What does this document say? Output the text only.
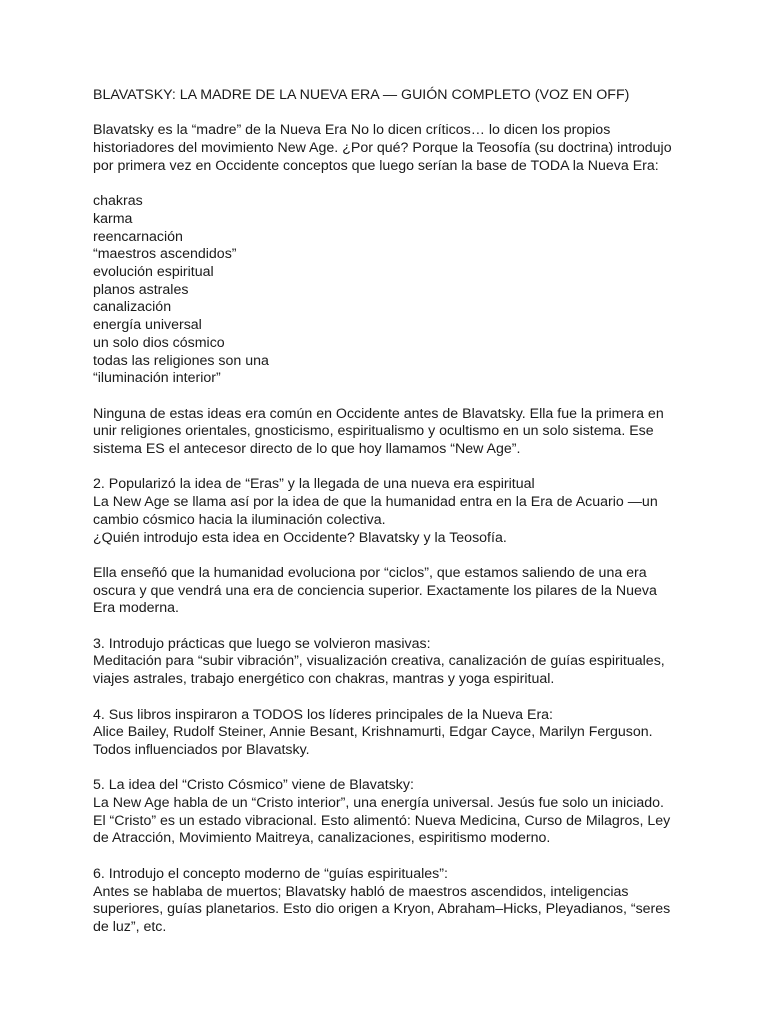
BLAVATSKY: LA MADRE DE LA NUEVA ERA — GUIÓN COMPLETO (VOZ EN OFF)

Blavatsky es la “madre” de la Nueva Era No lo dicen críticos… lo dicen los propios
historiadores del movimiento New Age. ¿Por qué? Porque la Teosofía (su doctrina) introdujo
por primera vez en Occidente conceptos que luego serían la base de TODA la Nueva Era:

chakras
karma
reencarnación
“maestros ascendidos”
evolución espiritual
planos astrales
canalización
energía universal
un solo dios cósmico
todas las religiones son una
“iluminación interior”

Ninguna de estas ideas era común en Occidente antes de Blavatsky. Ella fue la primera en
unir religiones orientales, gnosticismo, espiritualismo y ocultismo en un solo sistema. Ese
sistema ES el antecesor directo de lo que hoy llamamos “New Age”.

2. Popularizó la idea de “Eras” y la llegada de una nueva era espiritual
La New Age se llama así por la idea de que la humanidad entra en la Era de Acuario —un
cambio cósmico hacia la iluminación colectiva.
¿Quién introdujo esta idea en Occidente? Blavatsky y la Teosofía.

Ella enseñó que la humanidad evoluciona por “ciclos”, que estamos saliendo de una era
oscura y que vendrá una era de conciencia superior. Exactamente los pilares de la Nueva
Era moderna.

3. Introdujo prácticas que luego se volvieron masivas:
Meditación para “subir vibración”, visualización creativa, canalización de guías espirituales,
viajes astrales, trabajo energético con chakras, mantras y yoga espiritual.

4. Sus libros inspiraron a TODOS los líderes principales de la Nueva Era:
Alice Bailey, Rudolf Steiner, Annie Besant, Krishnamurti, Edgar Cayce, Marilyn Ferguson.
Todos influenciados por Blavatsky.

5. La idea del “Cristo Cósmico” viene de Blavatsky:
La New Age habla de un “Cristo interior”, una energía universal. Jesús fue solo un iniciado.
El “Cristo” es un estado vibracional. Esto alimentó: Nueva Medicina, Curso de Milagros, Ley
de Atracción, Movimiento Maitreya, canalizaciones, espiritismo moderno.

6. Introdujo el concepto moderno de “guías espirituales”:
Antes se hablaba de muertos; Blavatsky habló de maestros ascendidos, inteligencias
superiores, guías planetarios. Esto dio origen a Kryon, Abraham–Hicks, Pleyadianos, “seres
de luz”, etc.
